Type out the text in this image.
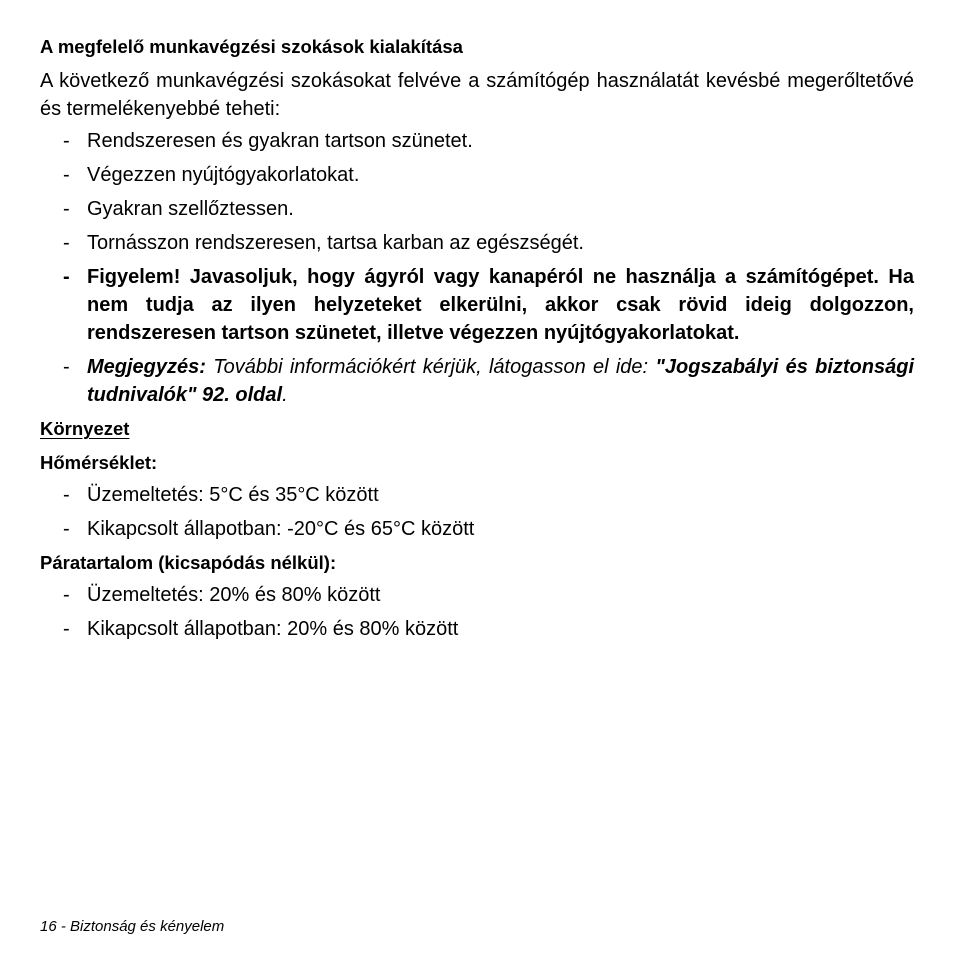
A megfelelő munkavégzési szokások kialakítása

A következő munkavégzési szokásokat felvéve a számítógép használatát kevésbé megerőltetővé és termelékenyebbé teheti:

- Rendszeresen és gyakran tartson szünetet.
- Végezzen nyújtógyakorlatokat.
- Gyakran szellőztessen.
- Tornásszon rendszeresen, tartsa karban az egészségét.
- Figyelem! Javasoljuk, hogy ágyról vagy kanapéról ne használja a számítógépet. Ha nem tudja az ilyen helyzeteket elkerülni, akkor csak rövid ideig dolgozzon, rendszeresen tartson szünetet, illetve végezzen nyújtógyakorlatokat.
- Megjegyzés: További információkért kérjük, látogasson el ide: "Jogszabályi és biztonsági tudnivalók" 92. oldal.

Környezet

Hőmérséklet:

- Üzemeltetés: 5°C és 35°C között
- Kikapcsolt állapotban: -20°C és 65°C között

Páratartalom (kicsapódás nélkül):

- Üzemeltetés: 20% és 80% között
- Kikapcsolt állapotban: 20% és 80% között
16 - Biztonság és kényelem
